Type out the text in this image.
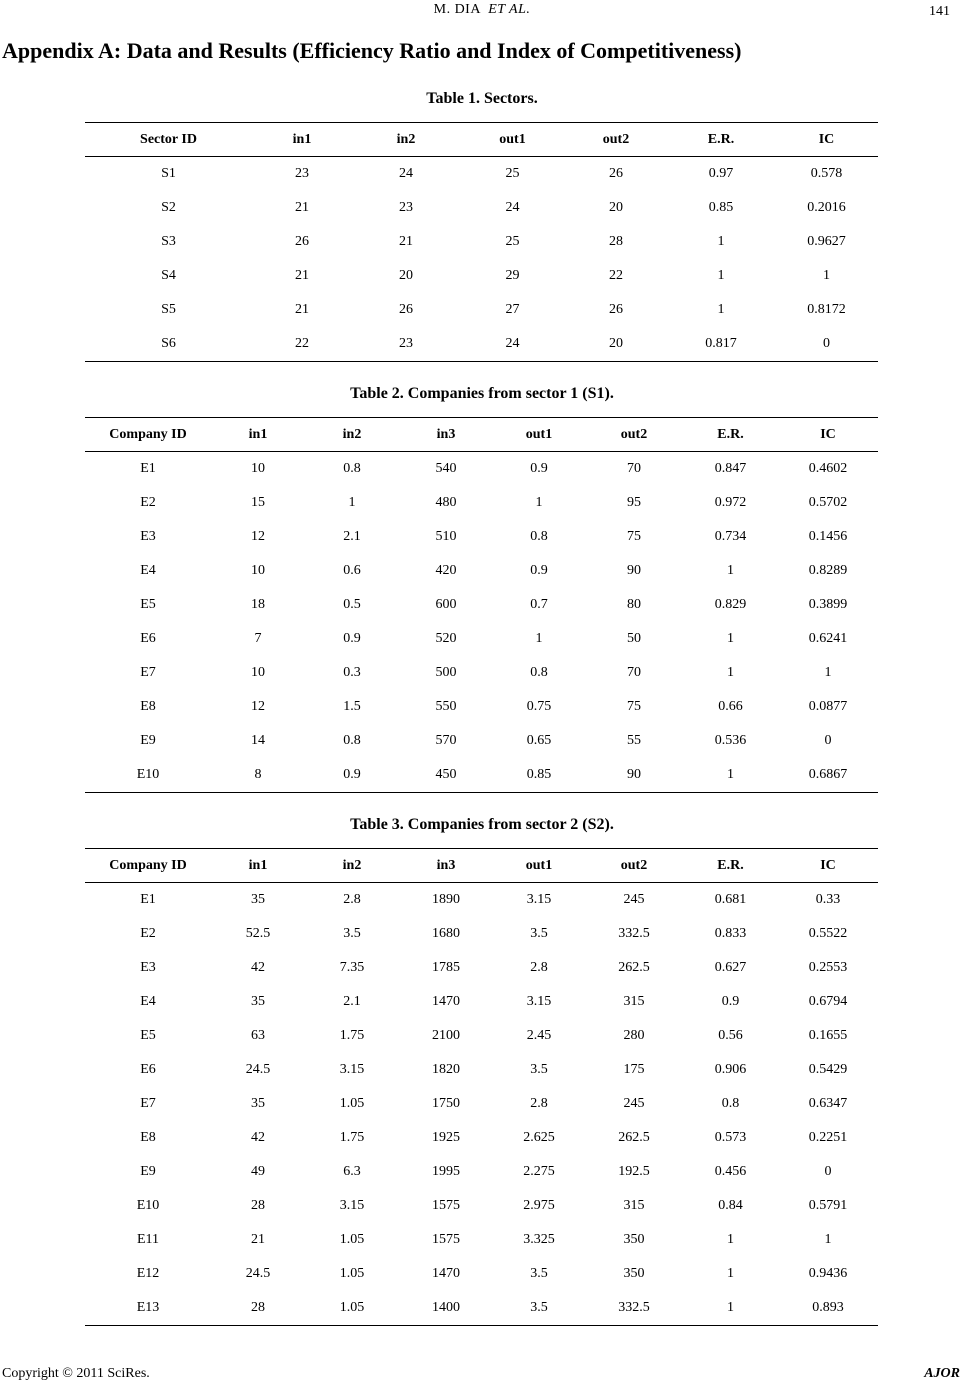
M. DIA ET AL.	141
Appendix A: Data and Results (Efficiency Ratio and Index of Competitiveness)
Table 1. Sectors.
Sector ID	in1	in2	out1	out2	E.R.	IC
S1	23	24	25	26	0.97	0.578
S2	21	23	24	20	0.85	0.2016
S3	26	21	25	28	1	0.9627
S4	21	20	29	22	1	1
S5	21	26	27	26	1	0.8172
S6	22	23	24	20	0.817	0
Table 2. Companies from sector 1 (S1).
Company ID	in1	in2	in3	out1	out2	E.R.	IC
E1	10	0.8	540	0.9	70	0.847	0.4602
E2	15	1	480	1	95	0.972	0.5702
E3	12	2.1	510	0.8	75	0.734	0.1456
E4	10	0.6	420	0.9	90	1	0.8289
E5	18	0.5	600	0.7	80	0.829	0.3899
E6	7	0.9	520	1	50	1	0.6241
E7	10	0.3	500	0.8	70	1	1
E8	12	1.5	550	0.75	75	0.66	0.0877
E9	14	0.8	570	0.65	55	0.536	0
E10	8	0.9	450	0.85	90	1	0.6867
Table 3. Companies from sector 2 (S2).
Company ID	in1	in2	in3	out1	out2	E.R.	IC
E1	35	2.8	1890	3.15	245	0.681	0.33
E2	52.5	3.5	1680	3.5	332.5	0.833	0.5522
E3	42	7.35	1785	2.8	262.5	0.627	0.2553
E4	35	2.1	1470	3.15	315	0.9	0.6794
E5	63	1.75	2100	2.45	280	0.56	0.1655
E6	24.5	3.15	1820	3.5	175	0.906	0.5429
E7	35	1.05	1750	2.8	245	0.8	0.6347
E8	42	1.75	1925	2.625	262.5	0.573	0.2251
E9	49	6.3	1995	2.275	192.5	0.456	0
E10	28	3.15	1575	2.975	315	0.84	0.5791
E11	21	1.05	1575	3.325	350	1	1
E12	24.5	1.05	1470	3.5	350	1	0.9436
E13	28	1.05	1400	3.5	332.5	1	0.893
Copyright © 2011 SciRes.	AJOR
